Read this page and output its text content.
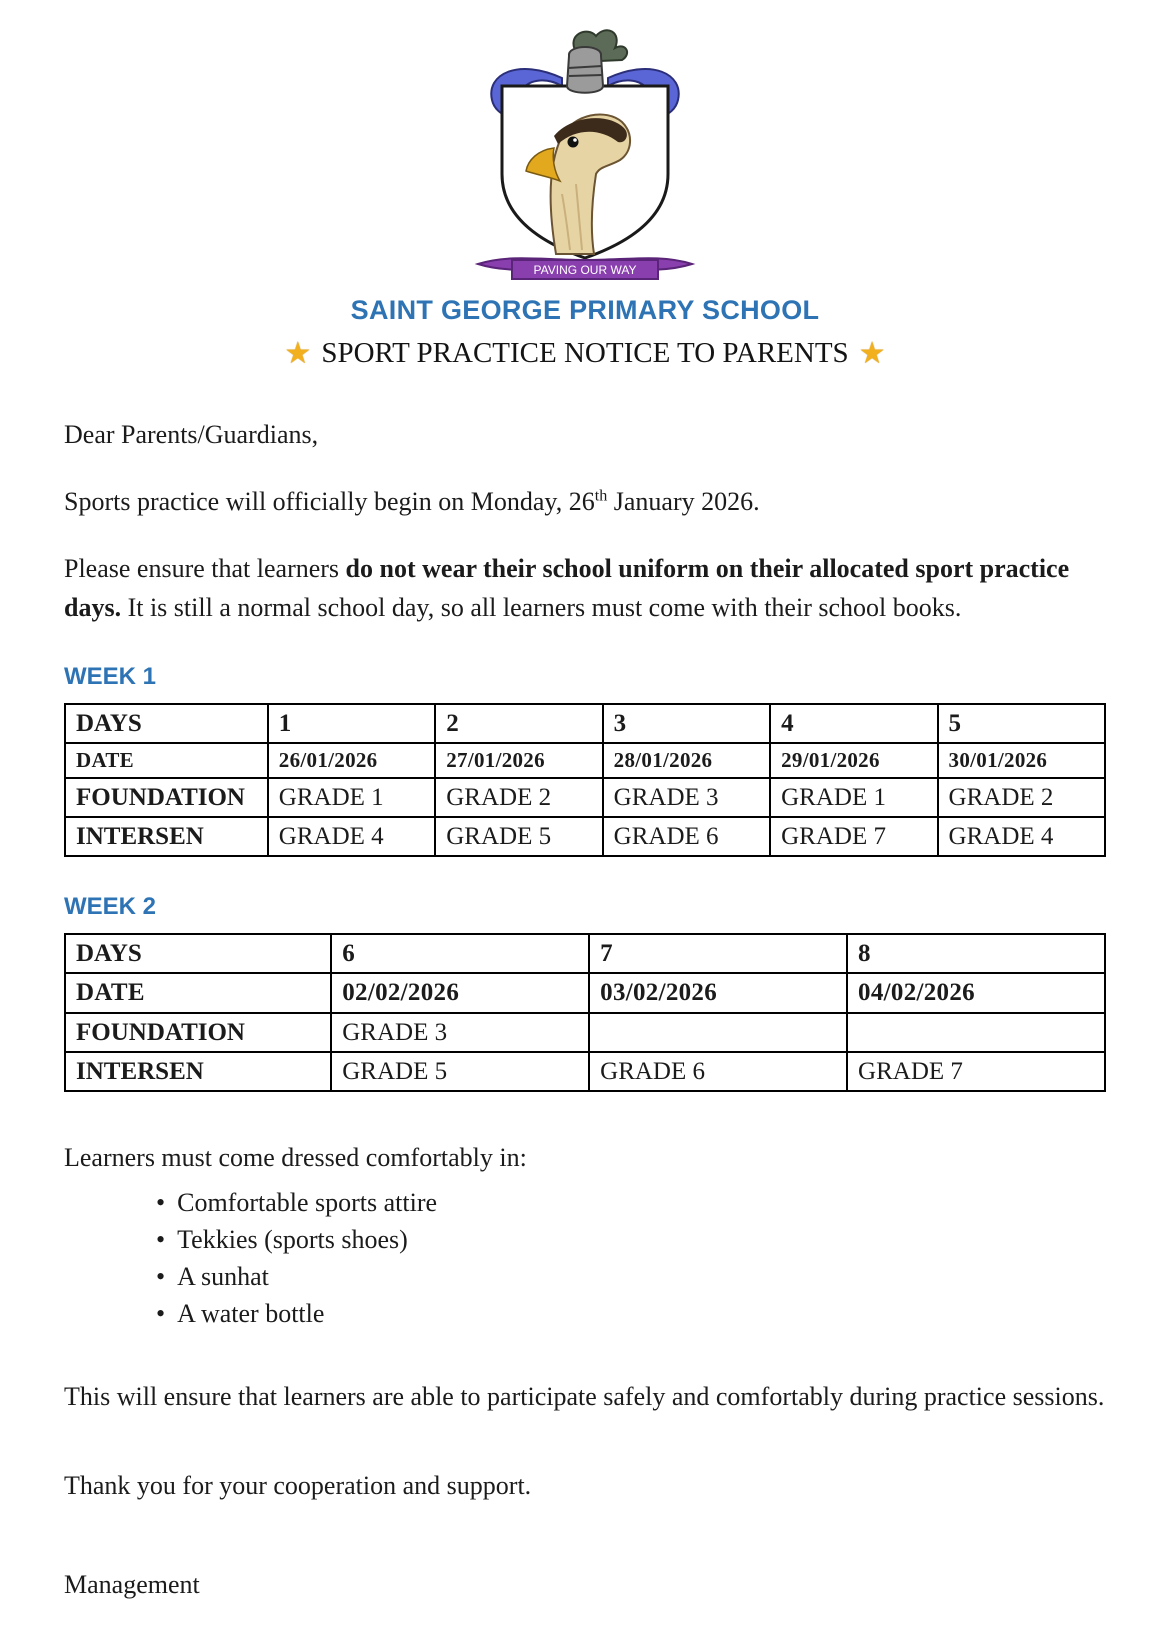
PAVING OUR WAY
SAINT GEORGE PRIMARY SCHOOL
★ SPORT PRACTICE NOTICE TO PARENTS ★

Dear Parents/Guardians,

Sports practice will officially begin on Monday, 26th January 2026.

Please ensure that learners do not wear their school uniform on their allocated sport practice days. It is still a normal school day, so all learners must come with their school books.

WEEK 1
DAYS	1	2	3	4	5
DATE	26/01/2026	27/01/2026	28/01/2026	29/01/2026	30/01/2026
FOUNDATION	GRADE 1	GRADE 2	GRADE 3	GRADE 1	GRADE 2
INTERSEN	GRADE 4	GRADE 5	GRADE 6	GRADE 7	GRADE 4
WEEK 2
DAYS	6	7	8
DATE	02/02/2026	03/02/2026	04/02/2026
FOUNDATION	GRADE 3		
INTERSEN	GRADE 5	GRADE 6	GRADE 7

Learners must come dressed comfortably in:

• Comfortable sports attire
• Tekkies (sports shoes)
• A sunhat
• A water bottle

This will ensure that learners are able to participate safely and comfortably during practice sessions.

Thank you for your cooperation and support.

Management
